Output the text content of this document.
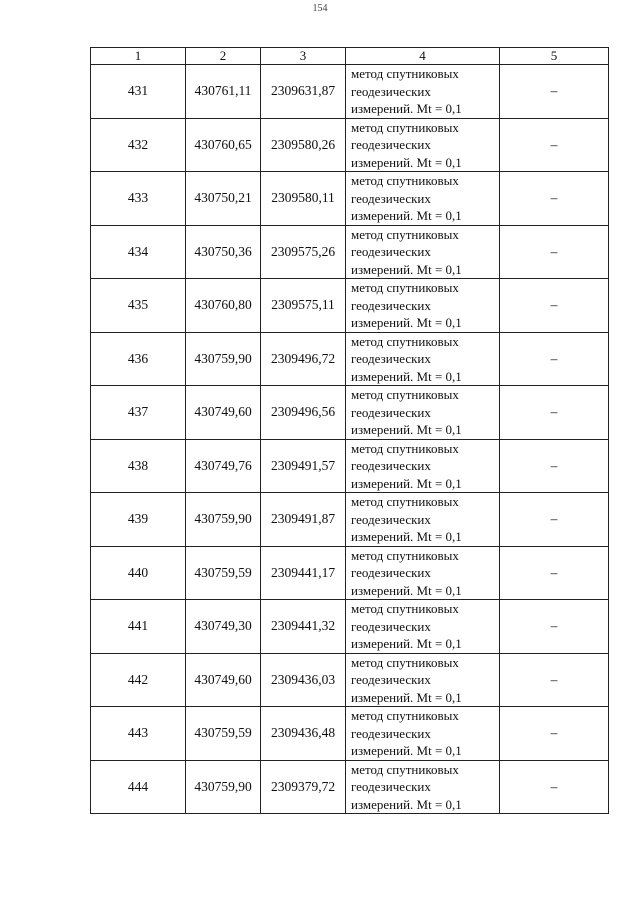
154
1	2	3	4	5
431	430761,11	2309631,87	метод спутниковых
геодезических
измерений. Mt = 0,1	–
432	430760,65	2309580,26	метод спутниковых
геодезических
измерений. Mt = 0,1	–
433	430750,21	2309580,11	метод спутниковых
геодезических
измерений. Mt = 0,1	–
434	430750,36	2309575,26	метод спутниковых
геодезических
измерений. Mt = 0,1	–
435	430760,80	2309575,11	метод спутниковых
геодезических
измерений. Mt = 0,1	–
436	430759,90	2309496,72	метод спутниковых
геодезических
измерений. Mt = 0,1	–
437	430749,60	2309496,56	метод спутниковых
геодезических
измерений. Mt = 0,1	–
438	430749,76	2309491,57	метод спутниковых
геодезических
измерений. Mt = 0,1	–
439	430759,90	2309491,87	метод спутниковых
геодезических
измерений. Mt = 0,1	–
440	430759,59	2309441,17	метод спутниковых
геодезических
измерений. Mt = 0,1	–
441	430749,30	2309441,32	метод спутниковых
геодезических
измерений. Mt = 0,1	–
442	430749,60	2309436,03	метод спутниковых
геодезических
измерений. Mt = 0,1	–
443	430759,59	2309436,48	метод спутниковых
геодезических
измерений. Mt = 0,1	–
444	430759,90	2309379,72	метод спутниковых
геодезических
измерений. Mt = 0,1	–
